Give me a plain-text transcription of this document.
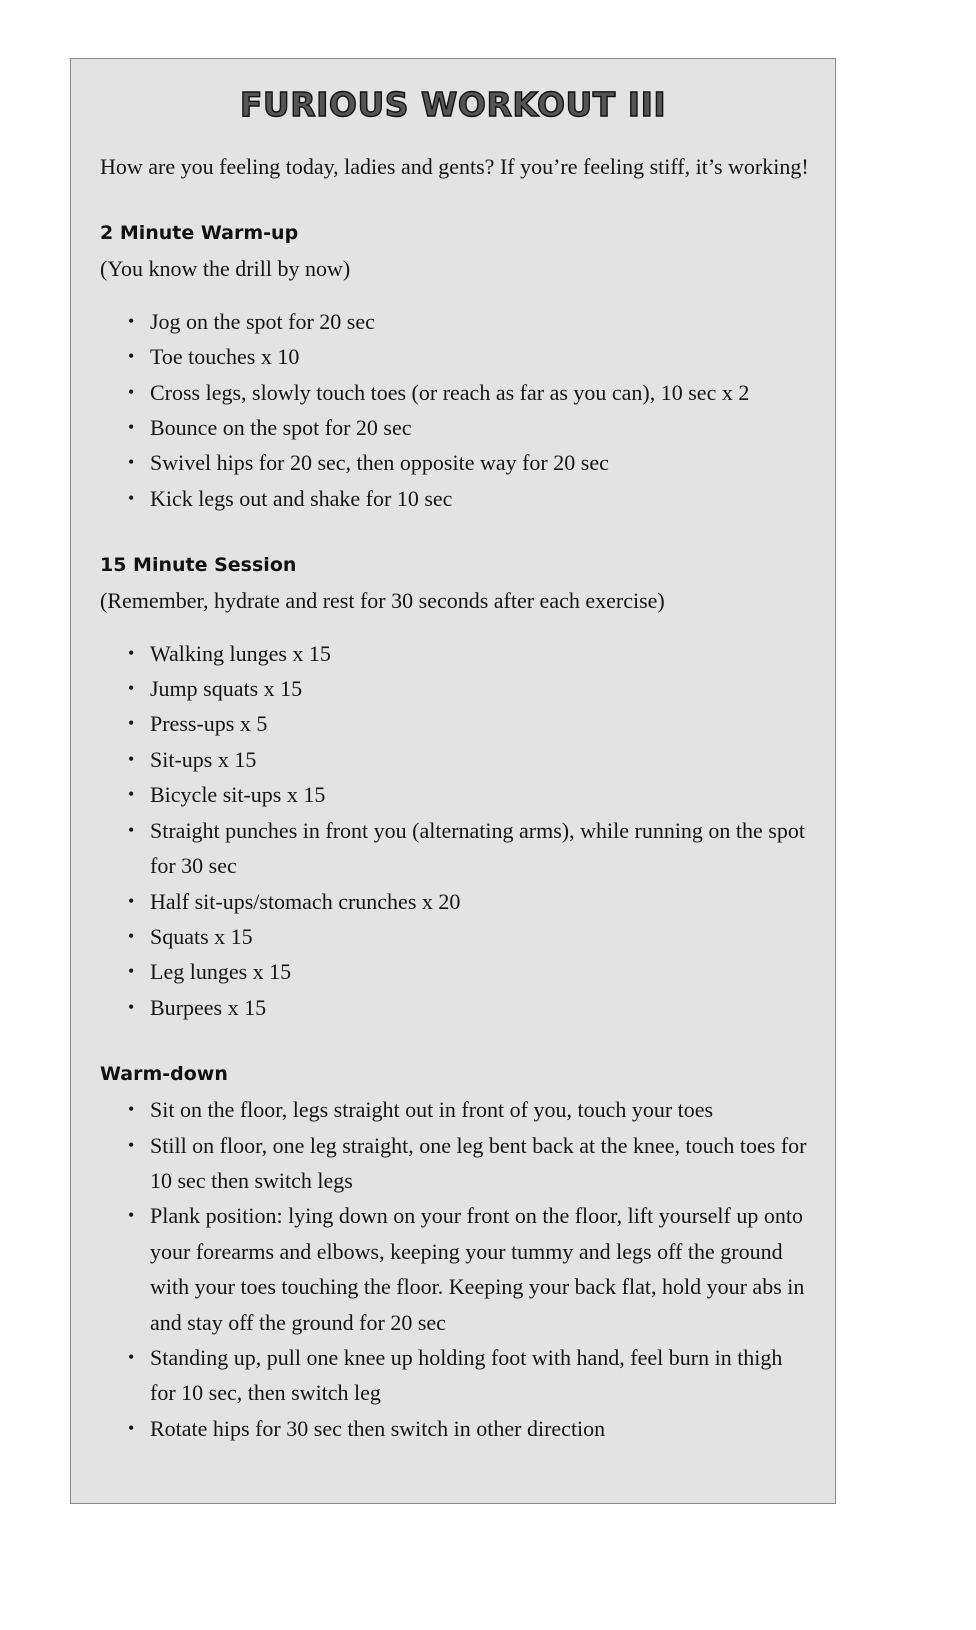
FURIOUS WORKOUT III

How are you feeling today, ladies and gents? If you’re feeling stiff, it’s working!

2 Minute Warm-up

(You know the drill by now)

• Jog on the spot for 20 sec
• Toe touches x 10
• Cross legs, slowly touch toes (or reach as far as you can), 10 sec x 2
• Bounce on the spot for 20 sec
• Swivel hips for 20 sec, then opposite way for 20 sec
• Kick legs out and shake for 10 sec
15 Minute Session

(Remember, hydrate and rest for 30 seconds after each exercise)

• Walking lunges x 15
• Jump squats x 15
• Press-ups x 5
• Sit-ups x 15
• Bicycle sit-ups x 15
• Straight punches in front you (alternating arms), while running on the spot for 30 sec
• Half sit-ups/stomach crunches x 20
• Squats x 15
• Leg lunges x 15
• Burpees x 15
Warm-down
• Sit on the floor, legs straight out in front of you, touch your toes
• Still on floor, one leg straight, one leg bent back at the knee, touch toes for 10 sec then switch legs
• Plank position: lying down on your front on the floor, lift yourself up onto your forearms and elbows, keeping your tummy and legs off the ground with your toes touching the floor. Keeping your back flat, hold your abs in and stay off the ground for 20 sec
• Standing up, pull one knee up holding foot with hand, feel burn in thigh for 10 sec, then switch leg
• Rotate hips for 30 sec then switch in other direction
